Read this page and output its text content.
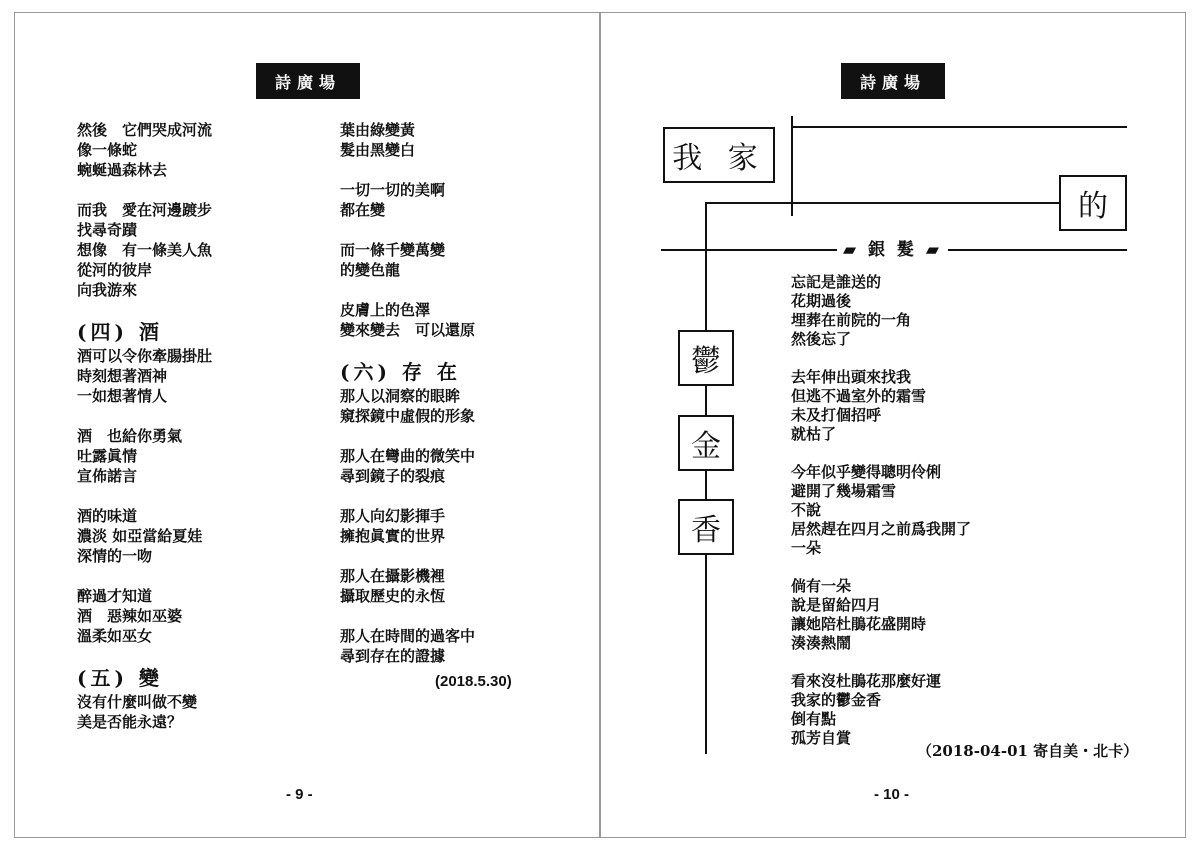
詩廣場
然後　它們哭成河流
像一條蛇
蜿蜒過森林去
而我　愛在河邊踱步
找尋奇蹟
想像　有一條美人魚
從河的彼岸
向我游來
(四) 酒
酒可以令你牽腸掛肚
時刻想著酒神
一如想著情人
酒　也給你勇氣
吐露眞情
宣佈諾言
酒的味道
濃淡 如亞當給夏娃
深情的一吻
醉過才知道
酒　惡辣如巫婆
溫柔如巫女
(五) 變
沒有什麼叫做不變
美是否能永遠？
葉由綠變黃
髮由黑變白
一切一切的美啊
都在變
而一條千變萬變
的變色龍
皮膚上的色澤
變來變去　可以還原
(六) 存 在
那人以洞察的眼眸
窺探鏡中虛假的形象
那人在彎曲的微笑中
尋到鏡子的裂痕
那人向幻影揮手
擁抱眞實的世界
那人在攝影機裡
攝取歷史的永恆
那人在時間的過客中
尋到存在的證據
(2018.5.30)
- 9 -
詩廣場
我 家
的
▰ 銀 髮 ▰
鬱
金
香
忘記是誰送的
花期過後
埋葬在前院的一角
然後忘了
去年伸出頭來找我
但逃不過室外的霜雪
未及打個招呼
就枯了
今年似乎變得聰明伶俐
避開了幾場霜雪
不說
居然趕在四月之前爲我開了
一朵
倘有一朵
說是留給四月
讓她陪杜鵑花盛開時
湊湊熱鬧
看來沒杜鵑花那麼好運
我家的鬱金香
倒有點
孤芳自賞
（2018-04-01 寄自美・北卡）
- 10 -
